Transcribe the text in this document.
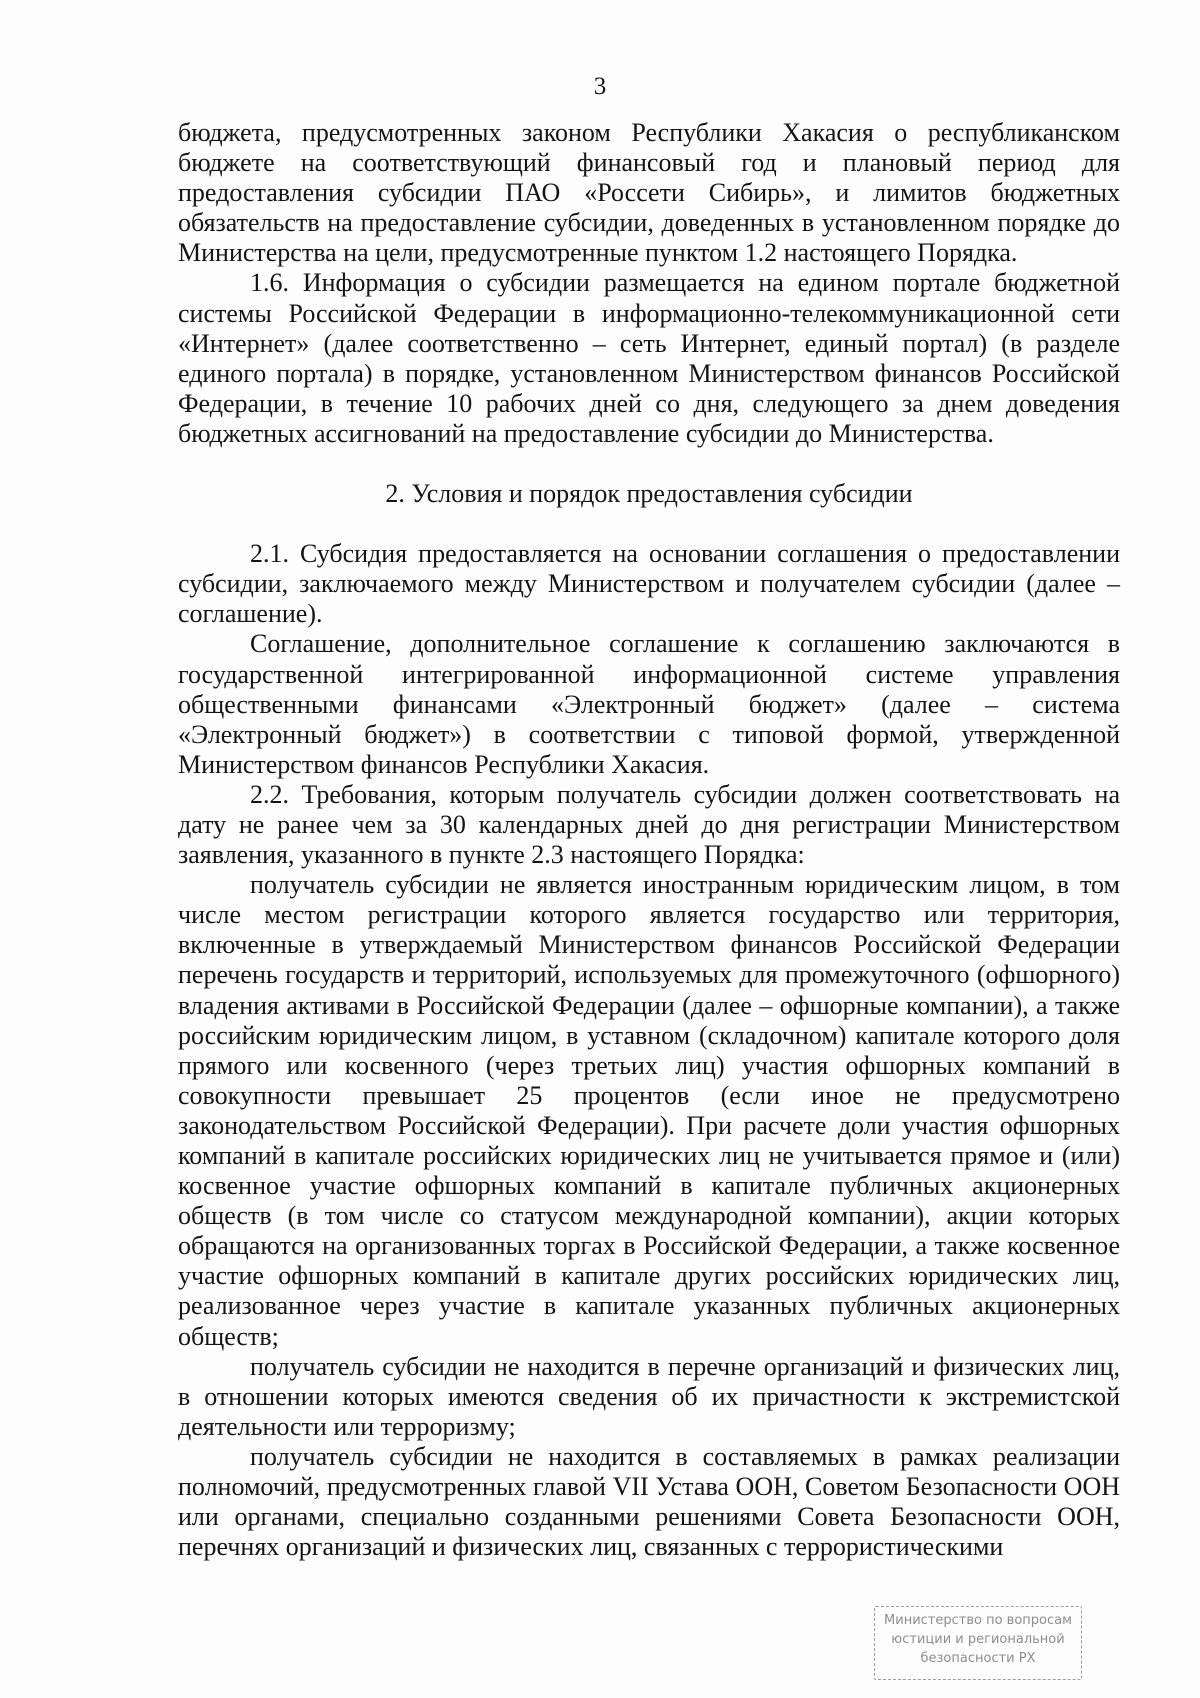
3

бюджета, предусмотренных законом Республики Хакасия о республиканском бюджете на соответствующий финансовый год и плановый период для предоставления субсидии ПАО «Россети Сибирь», и лимитов бюджетных обязательств на предоставление субсидии, доведенных в установленном порядке до Министерства на цели, предусмотренные пунктом 1.2 настоящего Порядка.

1.6. Информация о субсидии размещается на едином портале бюджетной системы Российской Федерации в информационно-телекоммуникационной сети «Интернет» (далее соответственно – сеть Интернет, единый портал) (в разделе единого портала) в порядке, установленном Министерством финансов Российской Федерации, в течение 10 рабочих дней со дня, следующего за днем доведения бюджетных ассигнований на предоставление субсидии до Министерства.

2. Условия и порядок предоставления субсидии

2.1. Субсидия предоставляется на основании соглашения о предоставлении субсидии, заключаемого между Министерством и получателем субсидии (далее – соглашение).

Соглашение, дополнительное соглашение к соглашению заключаются в государственной интегрированной информационной системе управления общественными финансами «Электронный бюджет» (далее – система «Электронный бюджет») в соответствии с типовой формой, утвержденной Министерством финансов Республики Хакасия.

2.2. Требования, которым получатель субсидии должен соответствовать на дату не ранее чем за 30 календарных дней до дня регистрации Министерством заявления, указанного в пункте 2.3 настоящего Порядка:

получатель субсидии не является иностранным юридическим лицом, в том числе местом регистрации которого является государство или территория, включенные в утверждаемый Министерством финансов Российской Федерации перечень государств и территорий, используемых для промежуточного (офшорного) владения активами в Российской Федерации (далее – офшорные компании), а также российским юридическим лицом, в уставном (складочном) капитале которого доля прямого или косвенного (через третьих лиц) участия офшорных компаний в совокупности превышает 25 процентов (если иное не предусмотрено законодательством Российской Федерации). При расчете доли участия офшорных компаний в капитале российских юридических лиц не учитывается прямое и (или) косвенное участие офшорных компаний в капитале публичных акционерных обществ (в том числе со статусом международной компании), акции которых обращаются на организованных торгах в Российской Федерации, а также косвенное участие офшорных компаний в капитале других российских юридических лиц, реализованное через участие в капитале указанных публичных акционерных обществ;

получатель субсидии не находится в перечне организаций и физических лиц, в отношении которых имеются сведения об их причастности к экстремистской деятельности или терроризму;

получатель субсидии не находится в составляемых в рамках реализации полномочий, предусмотренных главой VII Устава ООН, Советом Безопасности ООН или органами, специально созданными решениями Совета Безопасности ООН, перечнях организаций и физических лиц, связанных с террористическими

Министерство по вопросам
юстиции и региональной
безопасности РХ
